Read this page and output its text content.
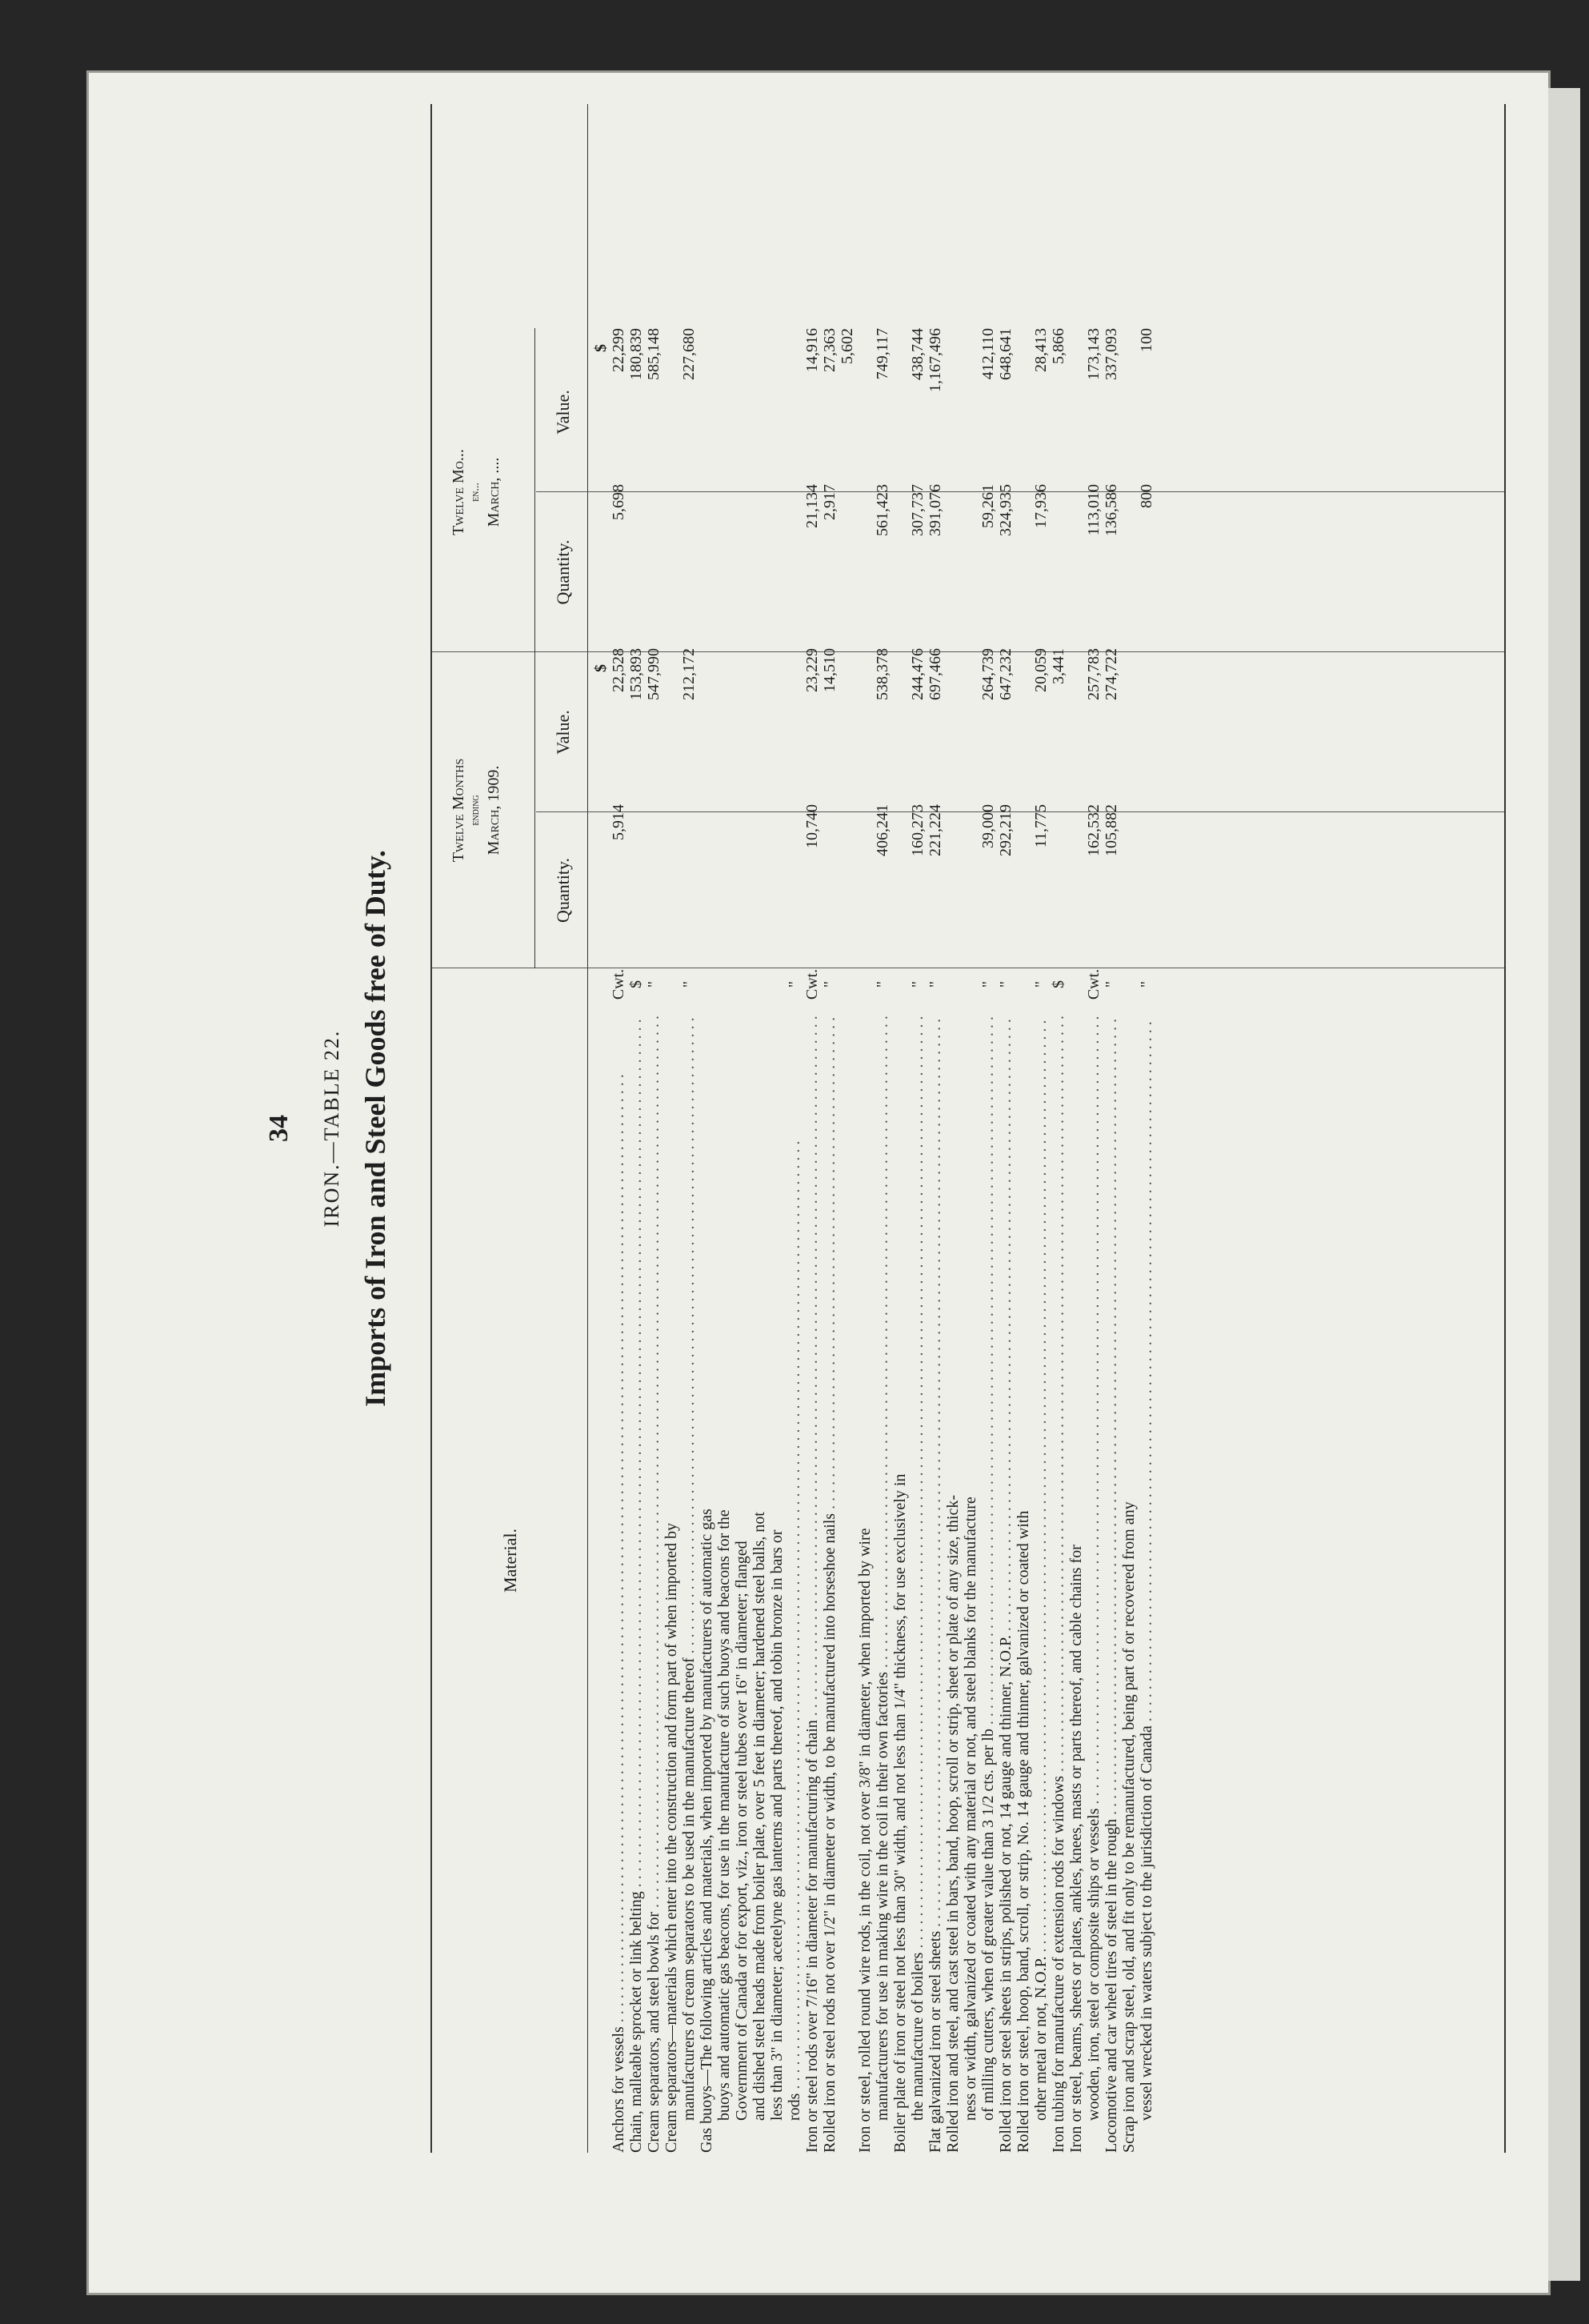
34 IRON.—TABLE 22. Imports of Iron and Steel Goods free of Duty.
Material.
Twelve Months ending March, 1909.
Twelve Mo... en... March, ....
Quantity.
Value.
Quantity.
Value.
$
$
Anchors for vessels . . .
Cwt.
5,914
22,528
5,698
22,299
Chain, malleable sprocket or link belting . . .
$
153,893
180,839
Cream separators, and steel bowls for . . .
"
547,990
585,148
Cream separators—materials which enter into the construction and form part of when imported by manufacturers of cream separators to be used in the manufacture thereof . . .
"
212,172
227,680
Gas buoys—The following articles and materials, when imported by manufacturers of automatic gas buoys and automatic gas beacons, for use in the manufacture of such buoys and beacons for the Government of Canada or for export, viz., iron or steel tubes over 16" in diameter; flanged and dished steel heads made from boiler plate, over 5 feet in diameter; hardened steel balls, not less than 3" in diameter; acetelyne gas lanterns and parts thereof, and tobin bronze in bars or rods . . .
"
Iron or steel rods over 7/16" in diameter for manufacturing of chain . . .
Cwt.
10,740
23,229
21,134
14,916
Rolled iron or steel rods not over 1/2" in diameter or width, to be manufactured into horseshoe nails . . .
"
14,510
2,917
27,363
5,602
Iron or steel, rolled round wire rods, in the coil, not over 3/8" in diameter, when imported by wire manufacturers for use in making wire in the coil in their own factories . . .
"
406,241
538,378
561,423
749,117
Boiler plate of iron or steel not less than 30" width, and not less than 1/4" thickness, for use exclusively in the manufacture of boilers . . .
"
160,273
244,476
307,737
438,744
Flat galvanized iron or steel sheets . . .
"
221,224
697,466
391,076
1,167,496
Rolled iron and steel, and cast steel in bars, band, hoop, scroll or strip, sheet or plate of any size, thick- ness or width, galvanized or coated with any material or not, and steel blanks for the manufacture of milling cutters, when of greater value than 3 1/2 cts. per lb . . .
"
39,000
264,739
59,261
412,110
Rolled iron or steel sheets in strips, polished or not, 14 gauge and thinner, N.O.P. . . .
"
292,219
647,232
324,935
648,641
Rolled iron or steel, hoop, band, scroll, or strip, No. 14 gauge and thinner, galvanized or coated with other metal or not, N.O.P. . . .
"
11,775
20,059
17,936
28,413
Iron tubing for manufacture of extension rods for windows . . .
$
3,441
5,866
Iron or steel, beams, sheets or plates, ankles, knees, masts or parts thereof, and cable chains for wooden, iron, steel or composite ships or vessels . . .
Cwt.
162,532
257,783
113,010
173,143
Locomotive and car wheel tires of steel in the rough . . .
"
105,882
274,722
136,586
337,093
Scrap iron and scrap steel, old, and fit only to be remanufactured, being part of or recovered from any vessel wrecked in waters subject to the jurisdiction of Canada . . .
"
800
100
